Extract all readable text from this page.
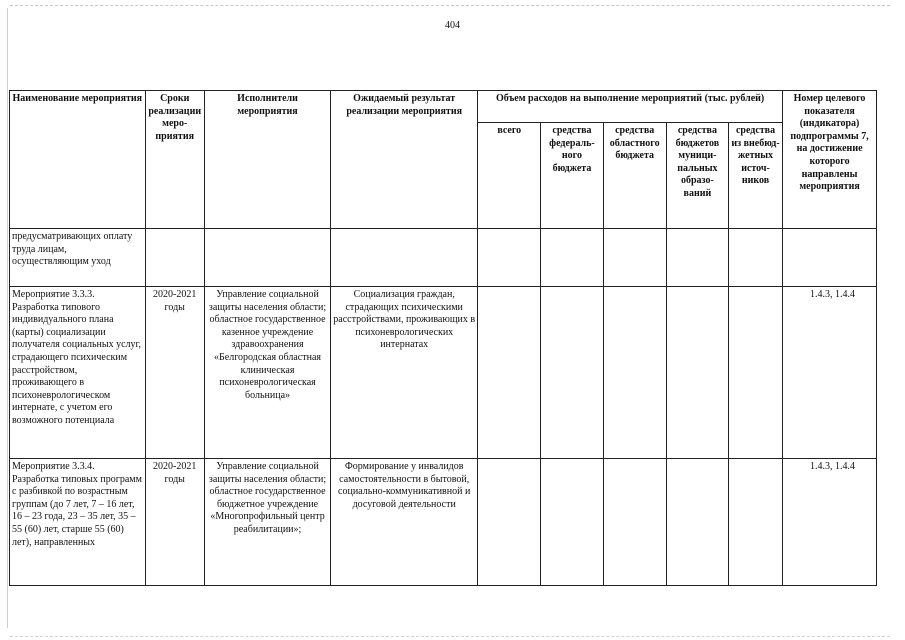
404
Наименование мероприятия	Сроки реализации меро-приятия	Исполнители мероприятия	Ожидаемый результат реализации мероприятия	Объем расходов на выполнение мероприятий (тыс. рублей)					Номер целевого показателя (индикатора) подпрограммы 7, на достижение которого направлены мероприятия
				всего	средства федераль-ного бюджета	средства областного бюджета	средства бюджетов муници-пальных образо-ваний	средства из внебюд-жетных источ-ников	
предусматривающих оплату труда лицам, осуществляющим уход									
Мероприятие 3.3.3. Разработка типового индивидуального плана (карты) социализации получателя социальных услуг, страдающего психическим расстройством, проживающего в психоневрологическом интернате, с учетом его возможного потенциала	2020-2021 годы	Управление социальной защиты населения области; областное государственное казенное учреждение здравоохранения «Белгородская областная клиническая психоневрологическая больница»	Социализация граждан, страдающих психическими расстройствами, проживающих в психоневрологических интернатах						1.4.3, 1.4.4
Мероприятие 3.3.4. Разработка типовых программ с разбивкой по возрастным группам (до 7 лет, 7 – 16 лет, 16 – 23 года, 23 – 35 лет, 35 – 55 (60) лет, старше 55 (60) лет), направленных	2020-2021 годы	Управление социальной защиты населения области; областное государственное бюджетное учреждение «Многопрофильный центр реабилитации»;	Формирование у инвалидов самостоятельности в бытовой, социально-коммуникативной и досуговой деятельности						1.4.3, 1.4.4
